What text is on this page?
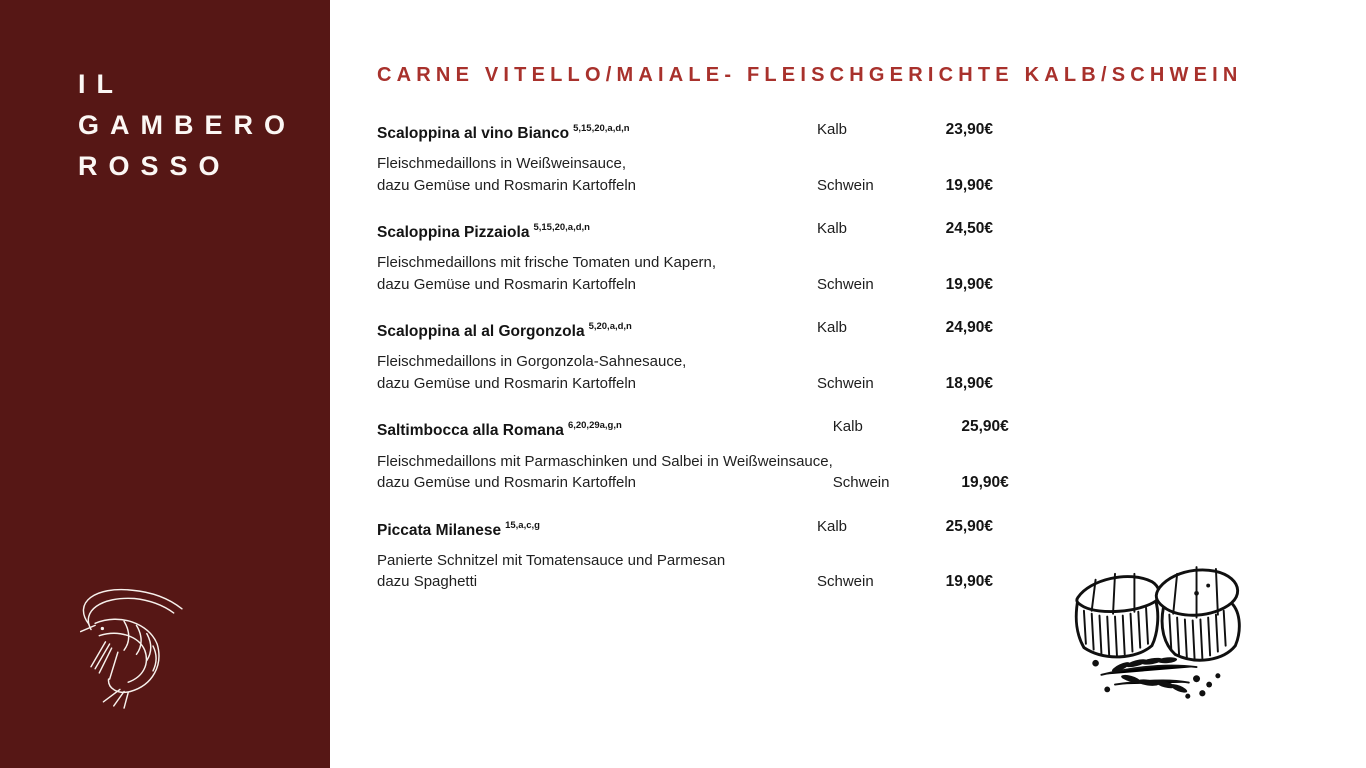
IL
GAMBERO
ROSSO
CARNE VITELLO/MAIALE- FLEISCHGERICHTE KALB/SCHWEIN
Scaloppina al vino Bianco $^{5,15,20,a,d,n}$	Kalb	23,90€
Fleischmedaillons in Weißweinsauce,
dazu Gemüse und Rosmarin Kartoffeln	Schwein	19,90€
Scaloppina Pizzaiola $^{5,15,20,a,d,n}$	Kalb	24,50€
Fleischmedaillons mit frische Tomaten und Kapern,
dazu Gemüse und Rosmarin Kartoffeln	Schwein	19,90€
Scaloppina al al Gorgonzola $^{5,20,a,d,n}$	Kalb	24,90€
Fleischmedaillons in Gorgonzola-Sahnesauce,
dazu Gemüse und Rosmarin Kartoffeln	Schwein	18,90€
Saltimbocca alla Romana $^{6,20,29a,g,n}$	Kalb	25,90€
Fleischmedaillons mit Parmaschinken und Salbei in Weißweinsauce,
dazu Gemüse und Rosmarin Kartoffeln	Schwein	19,90€
Piccata Milanese $^{15,a,c,g}$	Kalb	25,90€
Panierte Schnitzel mit Tomatensauce und Parmesan
dazu Spaghetti	Schwein	19,90€
